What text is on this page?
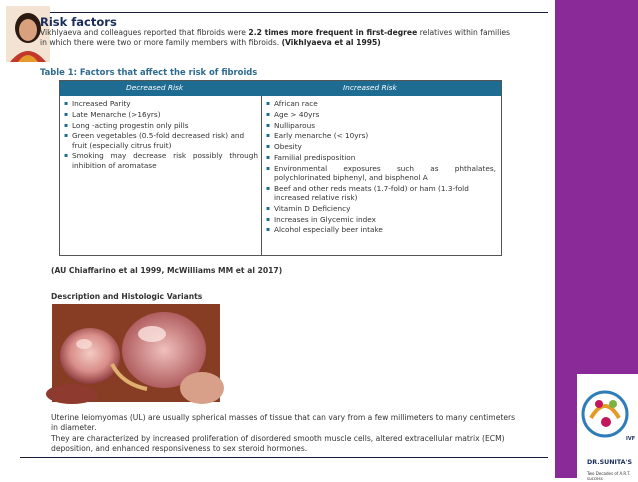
Risk factors
Vikhlyaeva and colleagues reported that fibroids were 2.2 times more frequent in first-degree relatives within families in which there were two or more family members with fibroids. (Vikhlyaeva et al 1995)
Table 1: Factors that affect the risk of fibroids
Decreased Risk	Increased Risk
▪ Increased Parity
▪ Late Menarche (>16yrs)
▪ Long -acting progestin only pills
▪ Green vegetables (0.5-fold decreased risk) and fruit (especially citrus fruit)
▪ Smoking may decrease risk possibly through inhibition of aromatase
▪ African race
▪ Age > 40yrs
▪ Nulliparous
▪ Early menarche (< 10yrs)
▪ Obesity
▪ Familial predisposition
▪ Environmental exposures such as phthalates, polychlorinated biphenyl, and bisphenol A
▪ Beef and other reds meats (1.7-fold) or ham (1.3-fold increased relative risk)
▪ Vitamin D Deficiency
▪ Increases in Glycemic index
▪ Alcohol especially beer intake
(AU Chiaffarino et al 1999, McWilliams MM et al 2017)
Description and Histologic Variants
Uterine leiomyomas (UL) are usually spherical masses of tissue that can vary from a few millimeters to many centimeters in diameter.
They are characterized by increased proliferation of disordered smooth muscle cells, altered extracellular matrix (ECM) deposition, and enhanced responsiveness to sex steroid hormones.
IVF
DR.SUNITA'S
Two Decades of A.R.T. success
